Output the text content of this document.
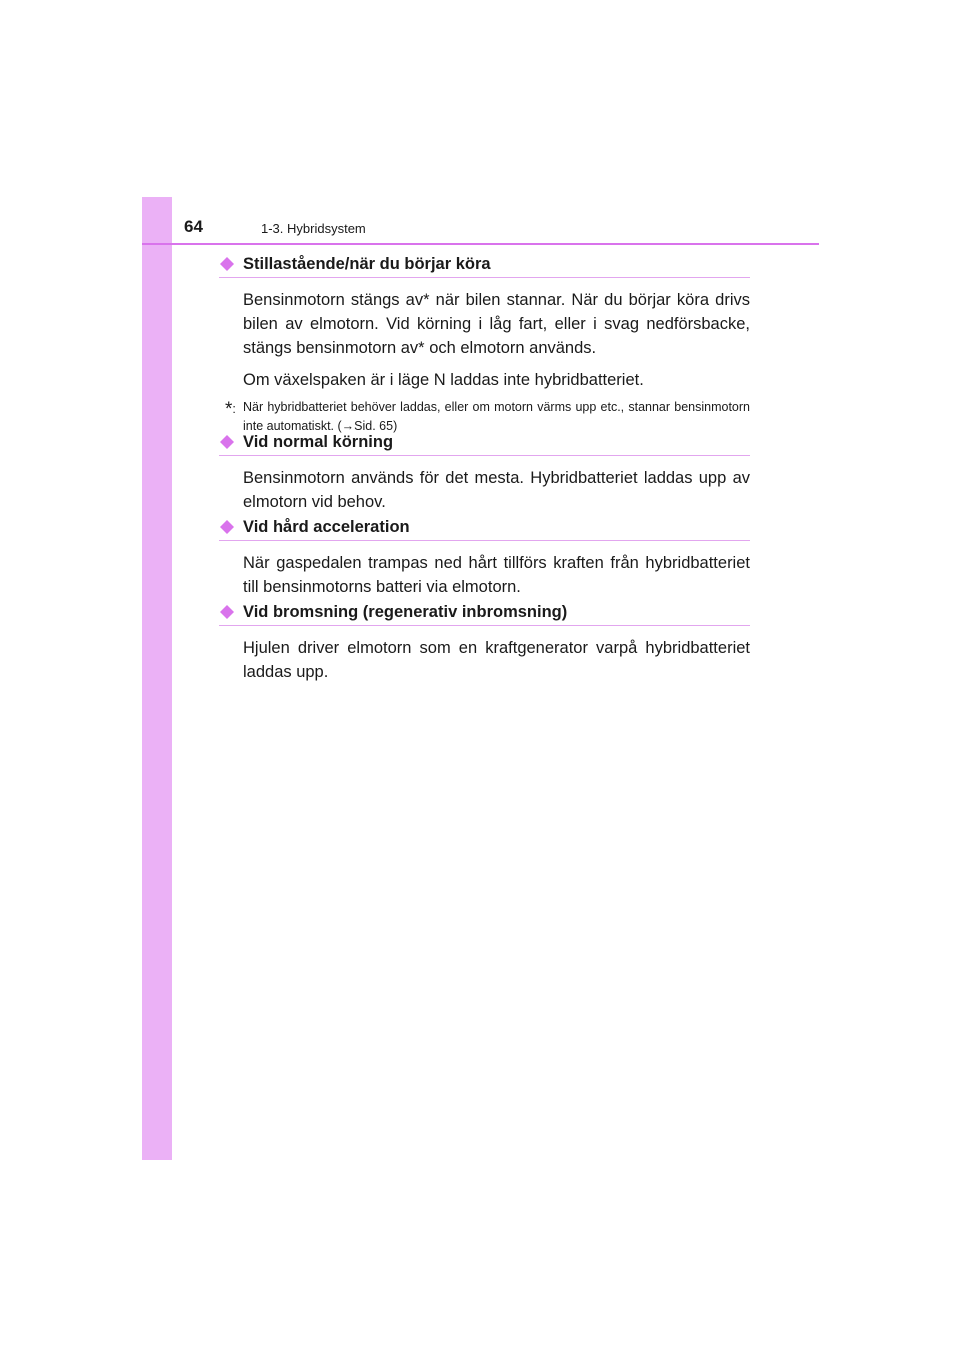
64	1-3. Hybridsystem
Stillastående/när du börjar köra

Bensinmotorn stängs av* när bilen stannar. När du börjar köra drivs bilen av elmotorn. Vid körning i låg fart, eller i svag nedförsbacke, stängs bensinmotorn av* och elmotorn används.

Om växelspaken är i läge N laddas inte hybridbatteriet.

*: När hybridbatteriet behöver laddas, eller om motorn värms upp etc., stannar bensinmotorn inte automatiskt. (→Sid. 65)
Vid normal körning

Bensinmotorn används för det mesta. Hybridbatteriet laddas upp av elmotorn vid behov.

Vid hård acceleration

När gaspedalen trampas ned hårt tillförs kraften från hybridbatteriet till bensinmotorns batteri via elmotorn.

Vid bromsning (regenerativ inbromsning)

Hjulen driver elmotorn som en kraftgenerator varpå hybridbatteriet laddas upp.
